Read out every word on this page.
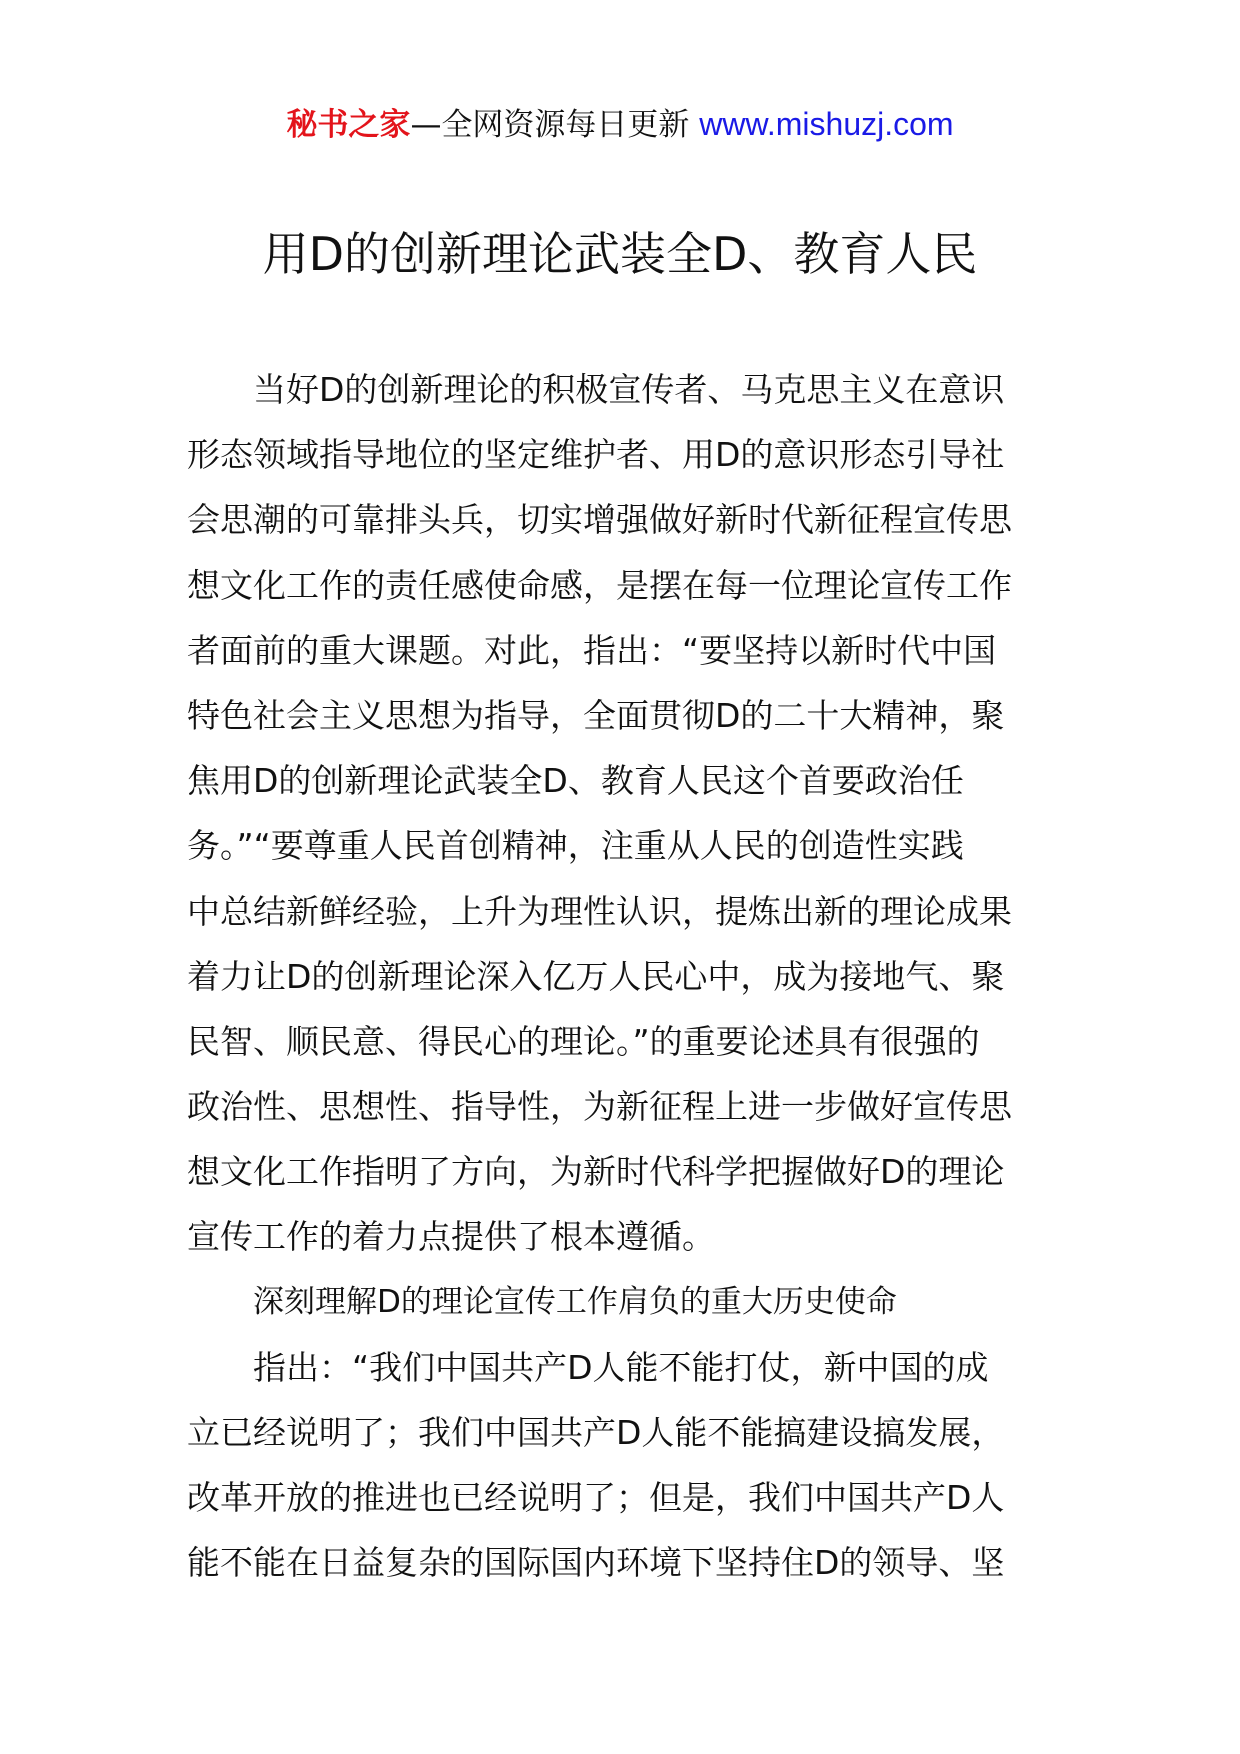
秘书之家—全网资源每日更新 www.mishuzj.com
用D的创新理论武装全D、教育人民
当好D的创新理论的积极宣传者、马克思主义在意识
形态领域指导地位的坚定维护者、用D的意识形态引导社
会思潮的可靠排头兵，切实增强做好新时代新征程宣传思
想文化工作的责任感使命感，是摆在每一位理论宣传工作
者面前的重大课题。对此，指出：“要坚持以新时代中国
特色社会主义思想为指导，全面贯彻D的二十大精神，聚
焦用D的创新理论武装全D、教育人民这个首要政治任
务。”“要尊重人民首创精神，注重从人民的创造性实践
中总结新鲜经验，上升为理性认识，提炼出新的理论成果
着力让D的创新理论深入亿万人民心中，成为接地气、聚
民智、顺民意、得民心的理论。”的重要论述具有很强的
政治性、思想性、指导性，为新征程上进一步做好宣传思
想文化工作指明了方向，为新时代科学把握做好D的理论
宣传工作的着力点提供了根本遵循。
深刻理解D的理论宣传工作肩负的重大历史使命
指出：“我们中国共产D人能不能打仗，新中国的成
立已经说明了；我们中国共产D人能不能搞建设搞发展，
改革开放的推进也已经说明了；但是，我们中国共产D人
能不能在日益复杂的国际国内环境下坚持住D的领导、坚
